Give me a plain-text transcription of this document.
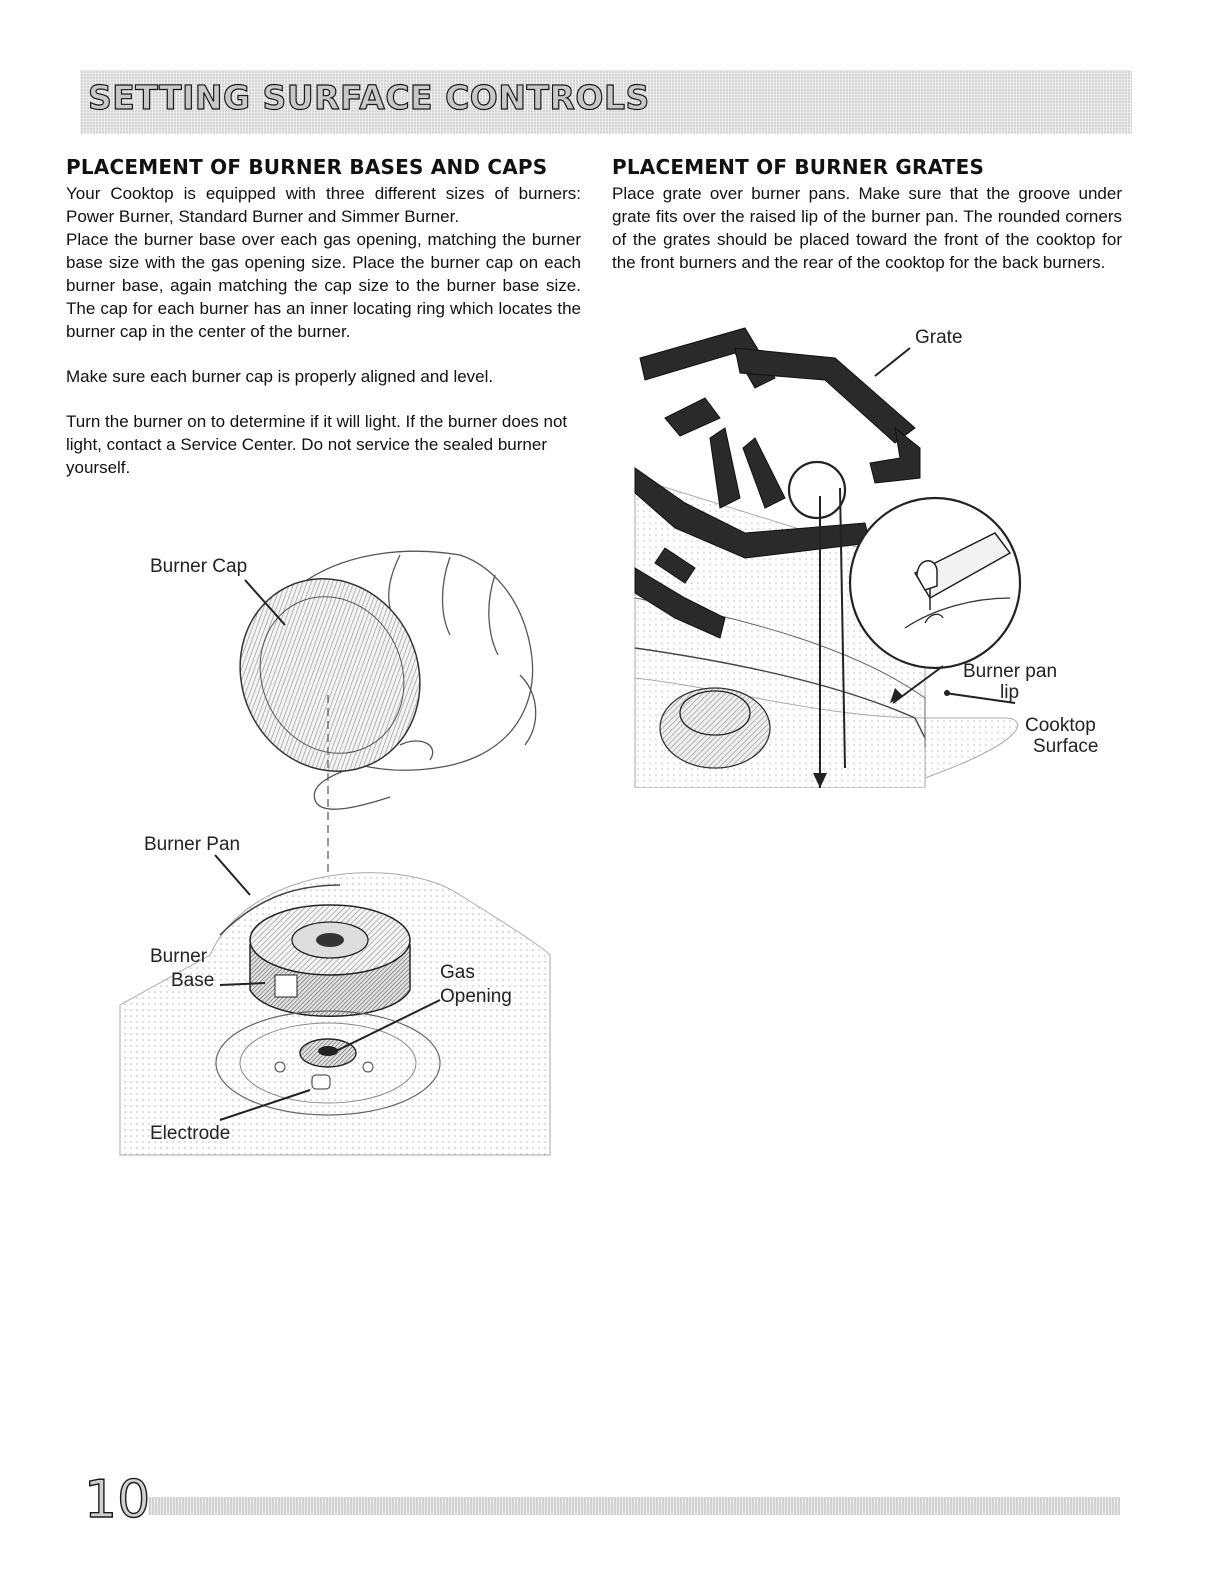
SETTING SURFACE CONTROLS
PLACEMENT OF BURNER BASES AND CAPS

Your Cooktop is equipped with three different sizes of burners: Power Burner, Standard Burner and Simmer Burner.

Place the burner base over each gas opening, matching the burner base size with the gas opening size. Place the burner cap on each burner base, again matching the cap size to the burner base size. The cap for each burner has an inner locating ring which locates the burner cap in the center of the burner.

Make sure each burner cap is properly aligned and level.

Turn the burner on to determine if it will light. If the burner does not light, contact a Service Center. Do not service the sealed burner yourself.

PLACEMENT OF BURNER GRATES

Place grate over burner pans. Make sure that the groove under grate fits over the raised lip of the burner pan. The rounded corners of the grates should be placed toward the front of the cooktop for the front burners and the rear of the cooktop for the back burners.

Burner Cap
Burner Pan
Burner
Base	Gas
Opening
Electrode
Grate
Burner pan
lip
Cooktop
Surface
10
